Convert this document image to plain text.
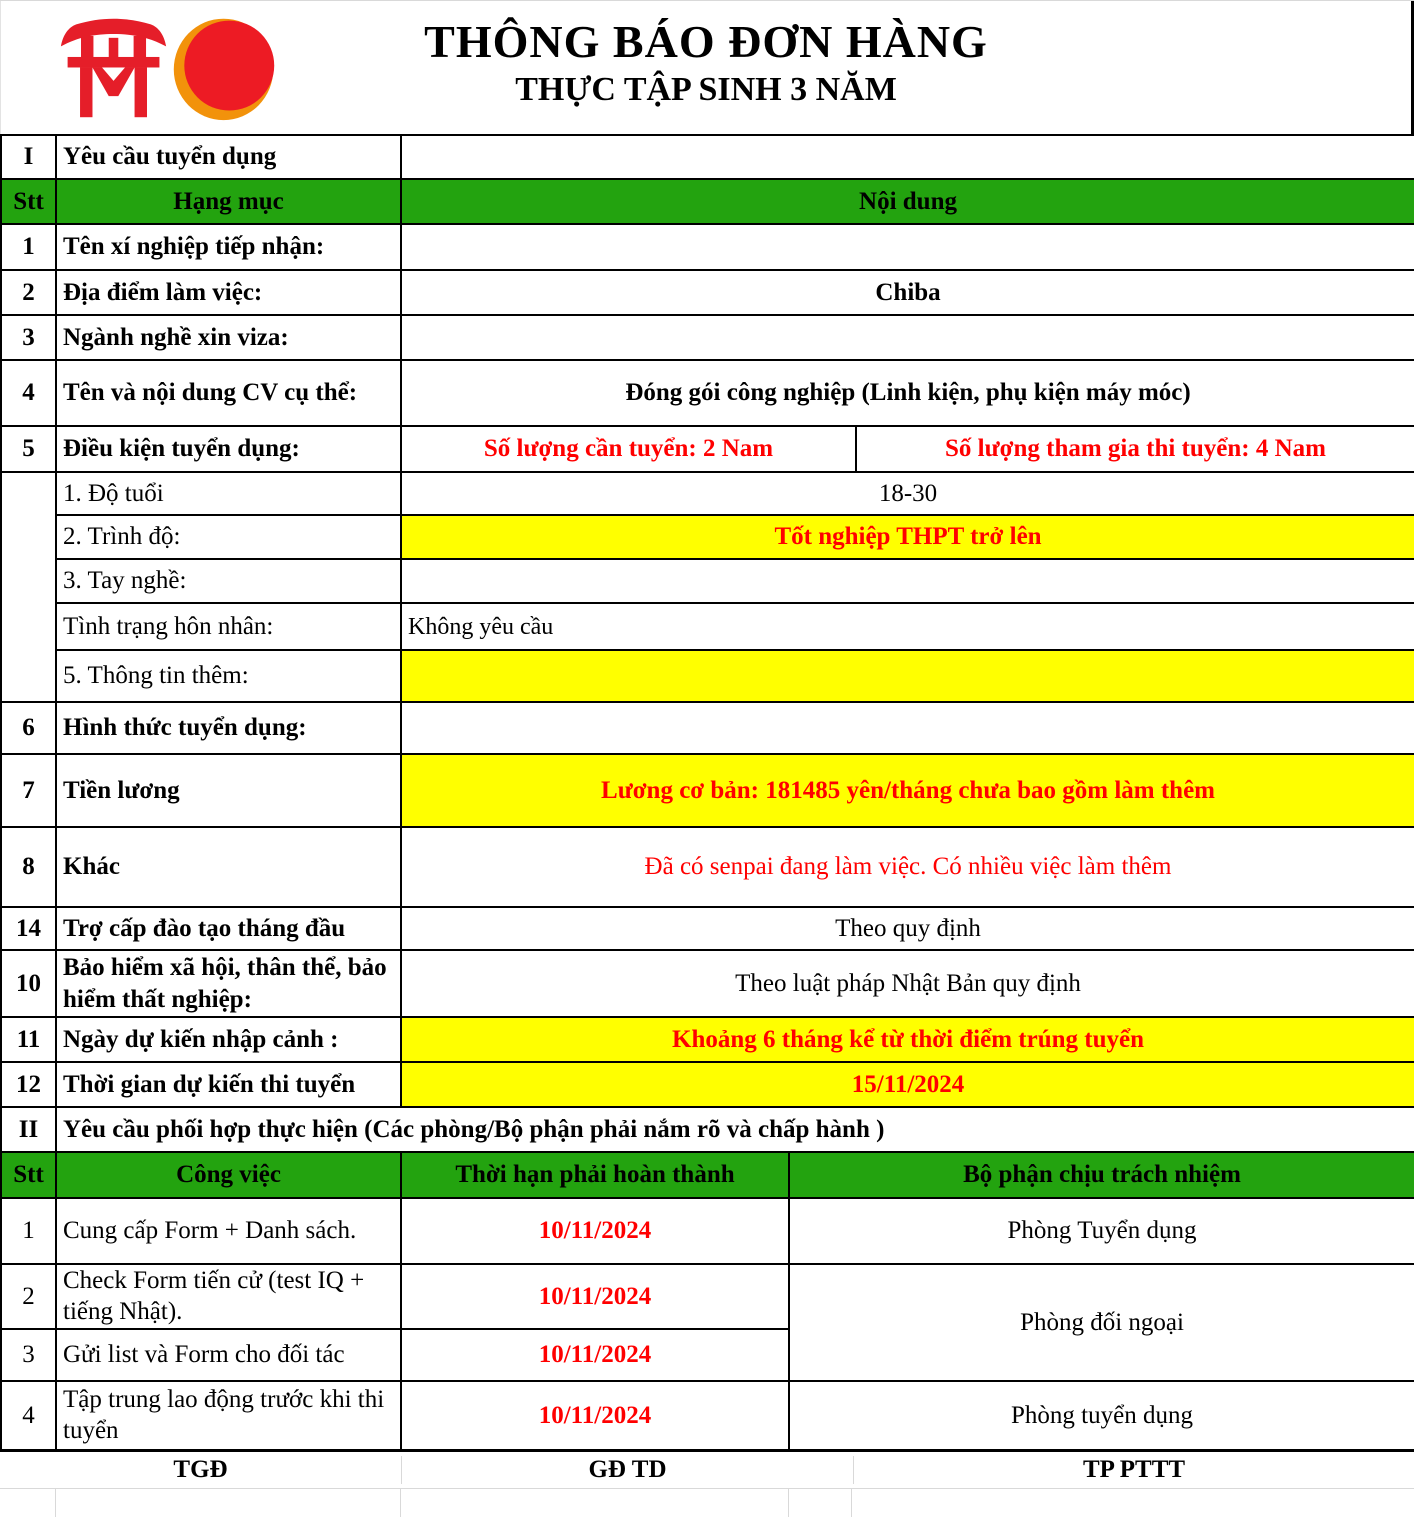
THÔNG BÁO ĐƠN HÀNG
THỰC TẬP SINH 3 NĂM
I	Yêu cầu tuyển dụng			
Stt	Hạng mục	Nội dung		
1	Tên xí nghiệp tiếp nhận:			
2	Địa điểm làm việc:	Chiba		
3	Ngành nghề xin viza:			
4	Tên và nội dung CV cụ thể:	Đóng gói công nghiệp (Linh kiện, phụ kiện máy móc)		
5	Điều kiện tuyển dụng:	Số lượng cần tuyển: 2 Nam		Số lượng tham gia thi tuyển: 4 Nam
	1. Độ tuổi	18-30		
	2. Trình độ:	Tốt nghiệp THPT trở lên		
	3. Tay nghề:			
	Tình trạng hôn nhân:	Không yêu cầu		
	5. Thông tin thêm:			
6	Hình thức tuyển dụng:			
7	Tiền lương	Lương cơ bản: 181485 yên/tháng chưa bao gồm làm thêm		
8	Khác	Đã có senpai đang làm việc. Có nhiều việc làm thêm		
14	Trợ cấp đào tạo tháng đầu	Theo quy định		
10	Bảo hiểm xã hội, thân thể, bảo hiểm thất nghiệp:	Theo luật pháp Nhật Bản quy định		
11	Ngày dự kiến nhập cảnh :	Khoảng 6 tháng kể từ thời điểm trúng tuyển		
12	Thời gian dự kiến thi tuyển	15/11/2024		
II	Yêu cầu phối hợp thực hiện (Các phòng/Bộ phận phải nắm rõ và chấp hành )			
Stt	Công việc	Thời hạn phải hoàn thành	Bộ phận chịu trách nhiệm	
1	Cung cấp Form + Danh sách.	10/11/2024	Phòng Tuyển dụng	
2	Check Form tiến cử (test IQ + tiếng Nhật).	10/11/2024	Phòng đối ngoại	
3	Gửi list và Form cho đối tác	10/11/2024		
4	Tập trung lao động trước khi thi tuyển	10/11/2024	Phòng tuyển dụng	
TGĐ	GĐ TD	TP PTTT
